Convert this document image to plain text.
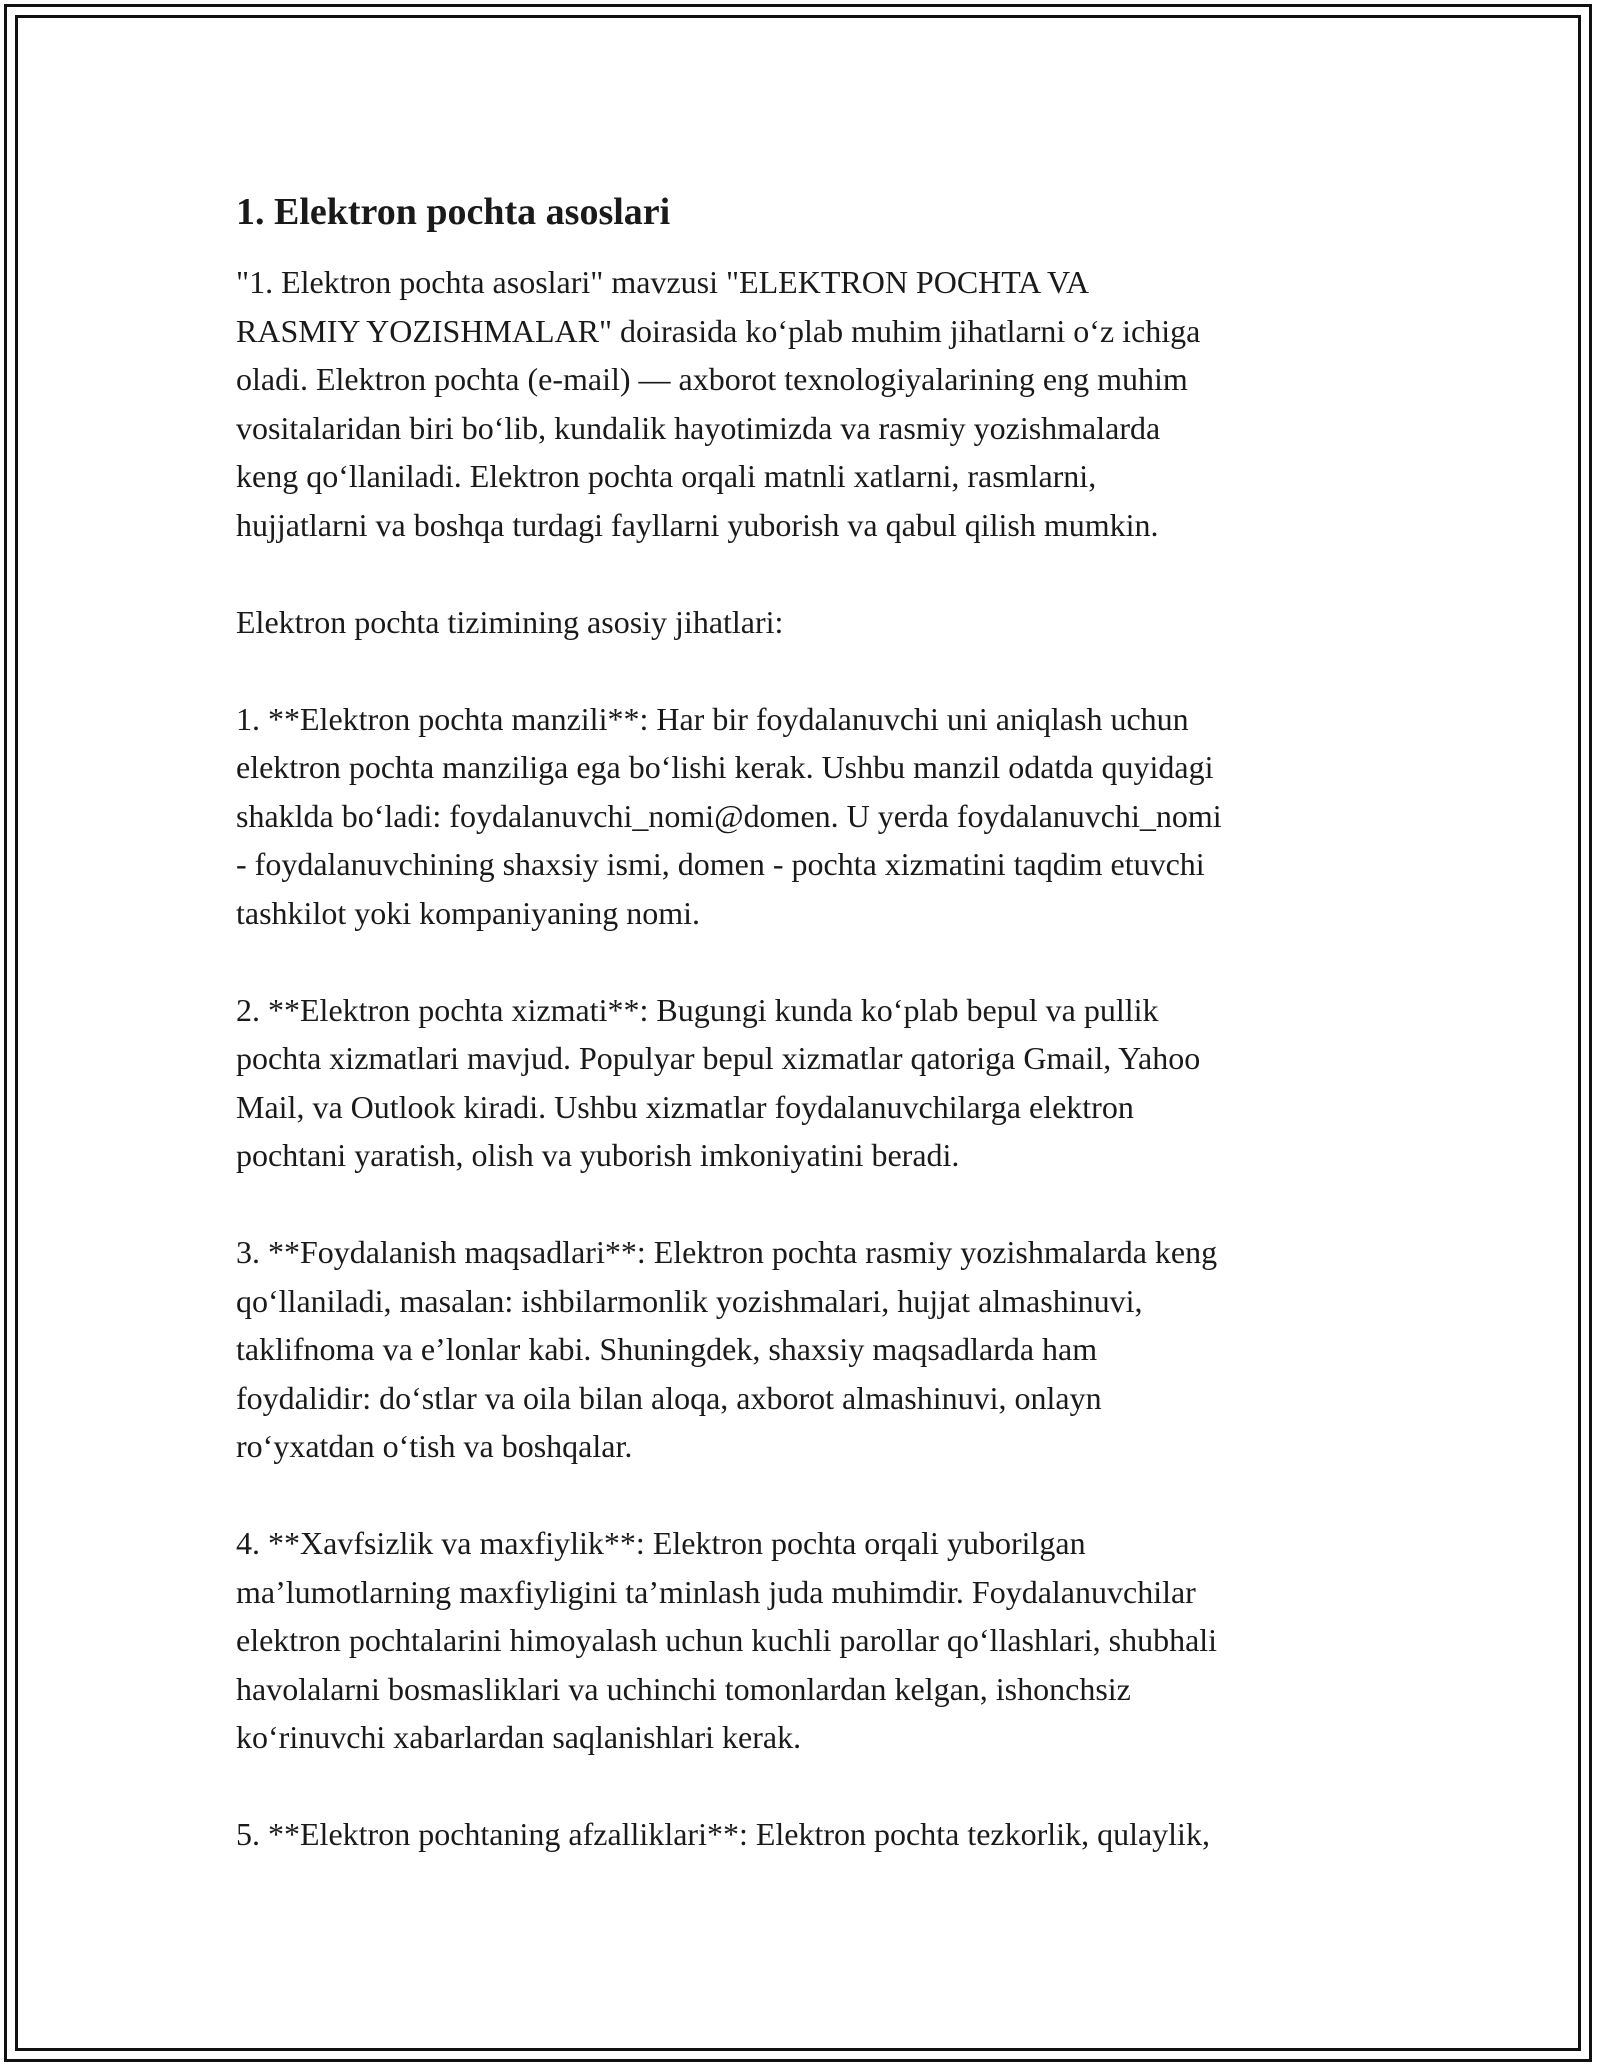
1. Elektron pochta asoslari

"1. Elektron pochta asoslari" mavzusi "ELEKTRON POCHTA VA
RASMIY YOZISHMALAR" doirasida ko‘plab muhim jihatlarni o‘z ichiga
oladi. Elektron pochta (e-mail) — axborot texnologiyalarining eng muhim
vositalaridan biri bo‘lib, kundalik hayotimizda va rasmiy yozishmalarda
keng qo‘llaniladi. Elektron pochta orqali matnli xatlarni, rasmlarni,
hujjatlarni va boshqa turdagi fayllarni yuborish va qabul qilish mumkin.

Elektron pochta tizimining asosiy jihatlari:

1. **Elektron pochta manzili**: Har bir foydalanuvchi uni aniqlash uchun
elektron pochta manziliga ega bo‘lishi kerak. Ushbu manzil odatda quyidagi
shaklda bo‘ladi: foydalanuvchi_nomi@domen. U yerda foydalanuvchi_nomi
- foydalanuvchining shaxsiy ismi, domen - pochta xizmatini taqdim etuvchi
tashkilot yoki kompaniyaning nomi.

2. **Elektron pochta xizmati**: Bugungi kunda ko‘plab bepul va pullik
pochta xizmatlari mavjud. Populyar bepul xizmatlar qatoriga Gmail, Yahoo
Mail, va Outlook kiradi. Ushbu xizmatlar foydalanuvchilarga elektron
pochtani yaratish, olish va yuborish imkoniyatini beradi.

3. **Foydalanish maqsadlari**: Elektron pochta rasmiy yozishmalarda keng
qo‘llaniladi, masalan: ishbilarmonlik yozishmalari, hujjat almashinuvi,
taklifnoma va e’lonlar kabi. Shuningdek, shaxsiy maqsadlarda ham
foydalidir: do‘stlar va oila bilan aloqa, axborot almashinuvi, onlayn
ro‘yxatdan o‘tish va boshqalar.

4. **Xavfsizlik va maxfiylik**: Elektron pochta orqali yuborilgan
ma’lumotlarning maxfiyligini ta’minlash juda muhimdir. Foydalanuvchilar
elektron pochtalarini himoyalash uchun kuchli parollar qo‘llashlari, shubhali
havolalarni bosmasliklari va uchinchi tomonlardan kelgan, ishonchsiz
ko‘rinuvchi xabarlardan saqlanishlari kerak.

5. **Elektron pochtaning afzalliklari**: Elektron pochta tezkorlik, qulaylik,
